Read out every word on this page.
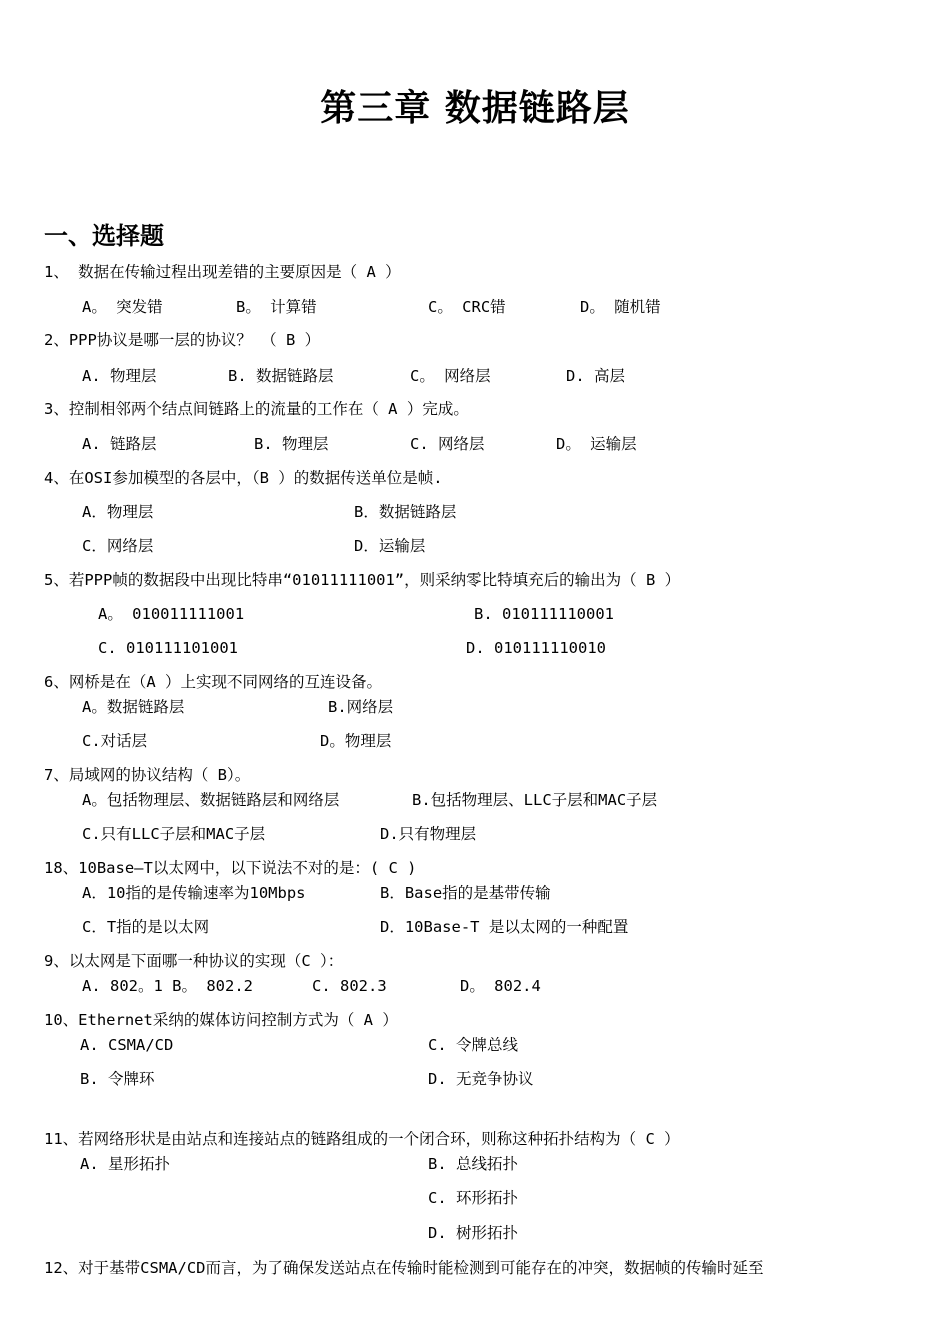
第三章 数据链路层
一、选择题
1、 数据在传输过程出现差错的主要原因是（ A ）
A。 突发错	B。 计算错	C。 CRC错	D。 随机错
2、PPP协议是哪一层的协议？ （ B ）
A. 物理层	B. 数据链路层	C。 网络层	D. 高层
3、控制相邻两个结点间链路上的流量的工作在（ A ）完成。
A. 链路层	B. 物理层	C. 网络层	D。 运输层
4、在OSI参加模型的各层中，（B ）的数据传送单位是帧.
A．物理层	B．数据链路层
C．网络层	D．运输层
5、若PPP帧的数据段中出现比特串“01011111001”，则采纳零比特填充后的输出为（ B ）
A。 010011111001	B. 010111110001
C. 010111101001	D. 010111110010
6、网桥是在（A ）上实现不同网络的互连设备。
A。数据链路层	B.网络层
C.对话层	D。物理层
7、局域网的协议结构（ B）。
A。包括物理层、数据链路层和网络层	B.包括物理层、LLC子层和MAC子层
C.只有LLC子层和MAC子层	D.只有物理层
18、10Base—T以太网中，以下说法不对的是：( C )
A．10指的是传输速率为10Mbps	B．Base指的是基带传输
C．T指的是以太网	D．10Base-T 是以太网的一种配置
9、以太网是下面哪一种协议的实现（C ）：
A. 802。1 B。 802.2	C. 802.3	D。 802.4
10、Ethernet采纳的媒体访问控制方式为（ A ）
A. CSMA/CD	C. 令牌总线
B. 令牌环	D. 无竞争协议
11、若网络形状是由站点和连接站点的链路组成的一个闭合环，则称这种拓扑结构为（ C ）
A. 星形拓扑	B. 总线拓扑
C. 环形拓扑
D. 树形拓扑
12、对于基带CSMA/CD而言，为了确保发送站点在传输时能检测到可能存在的冲突，数据帧的传输时延至
